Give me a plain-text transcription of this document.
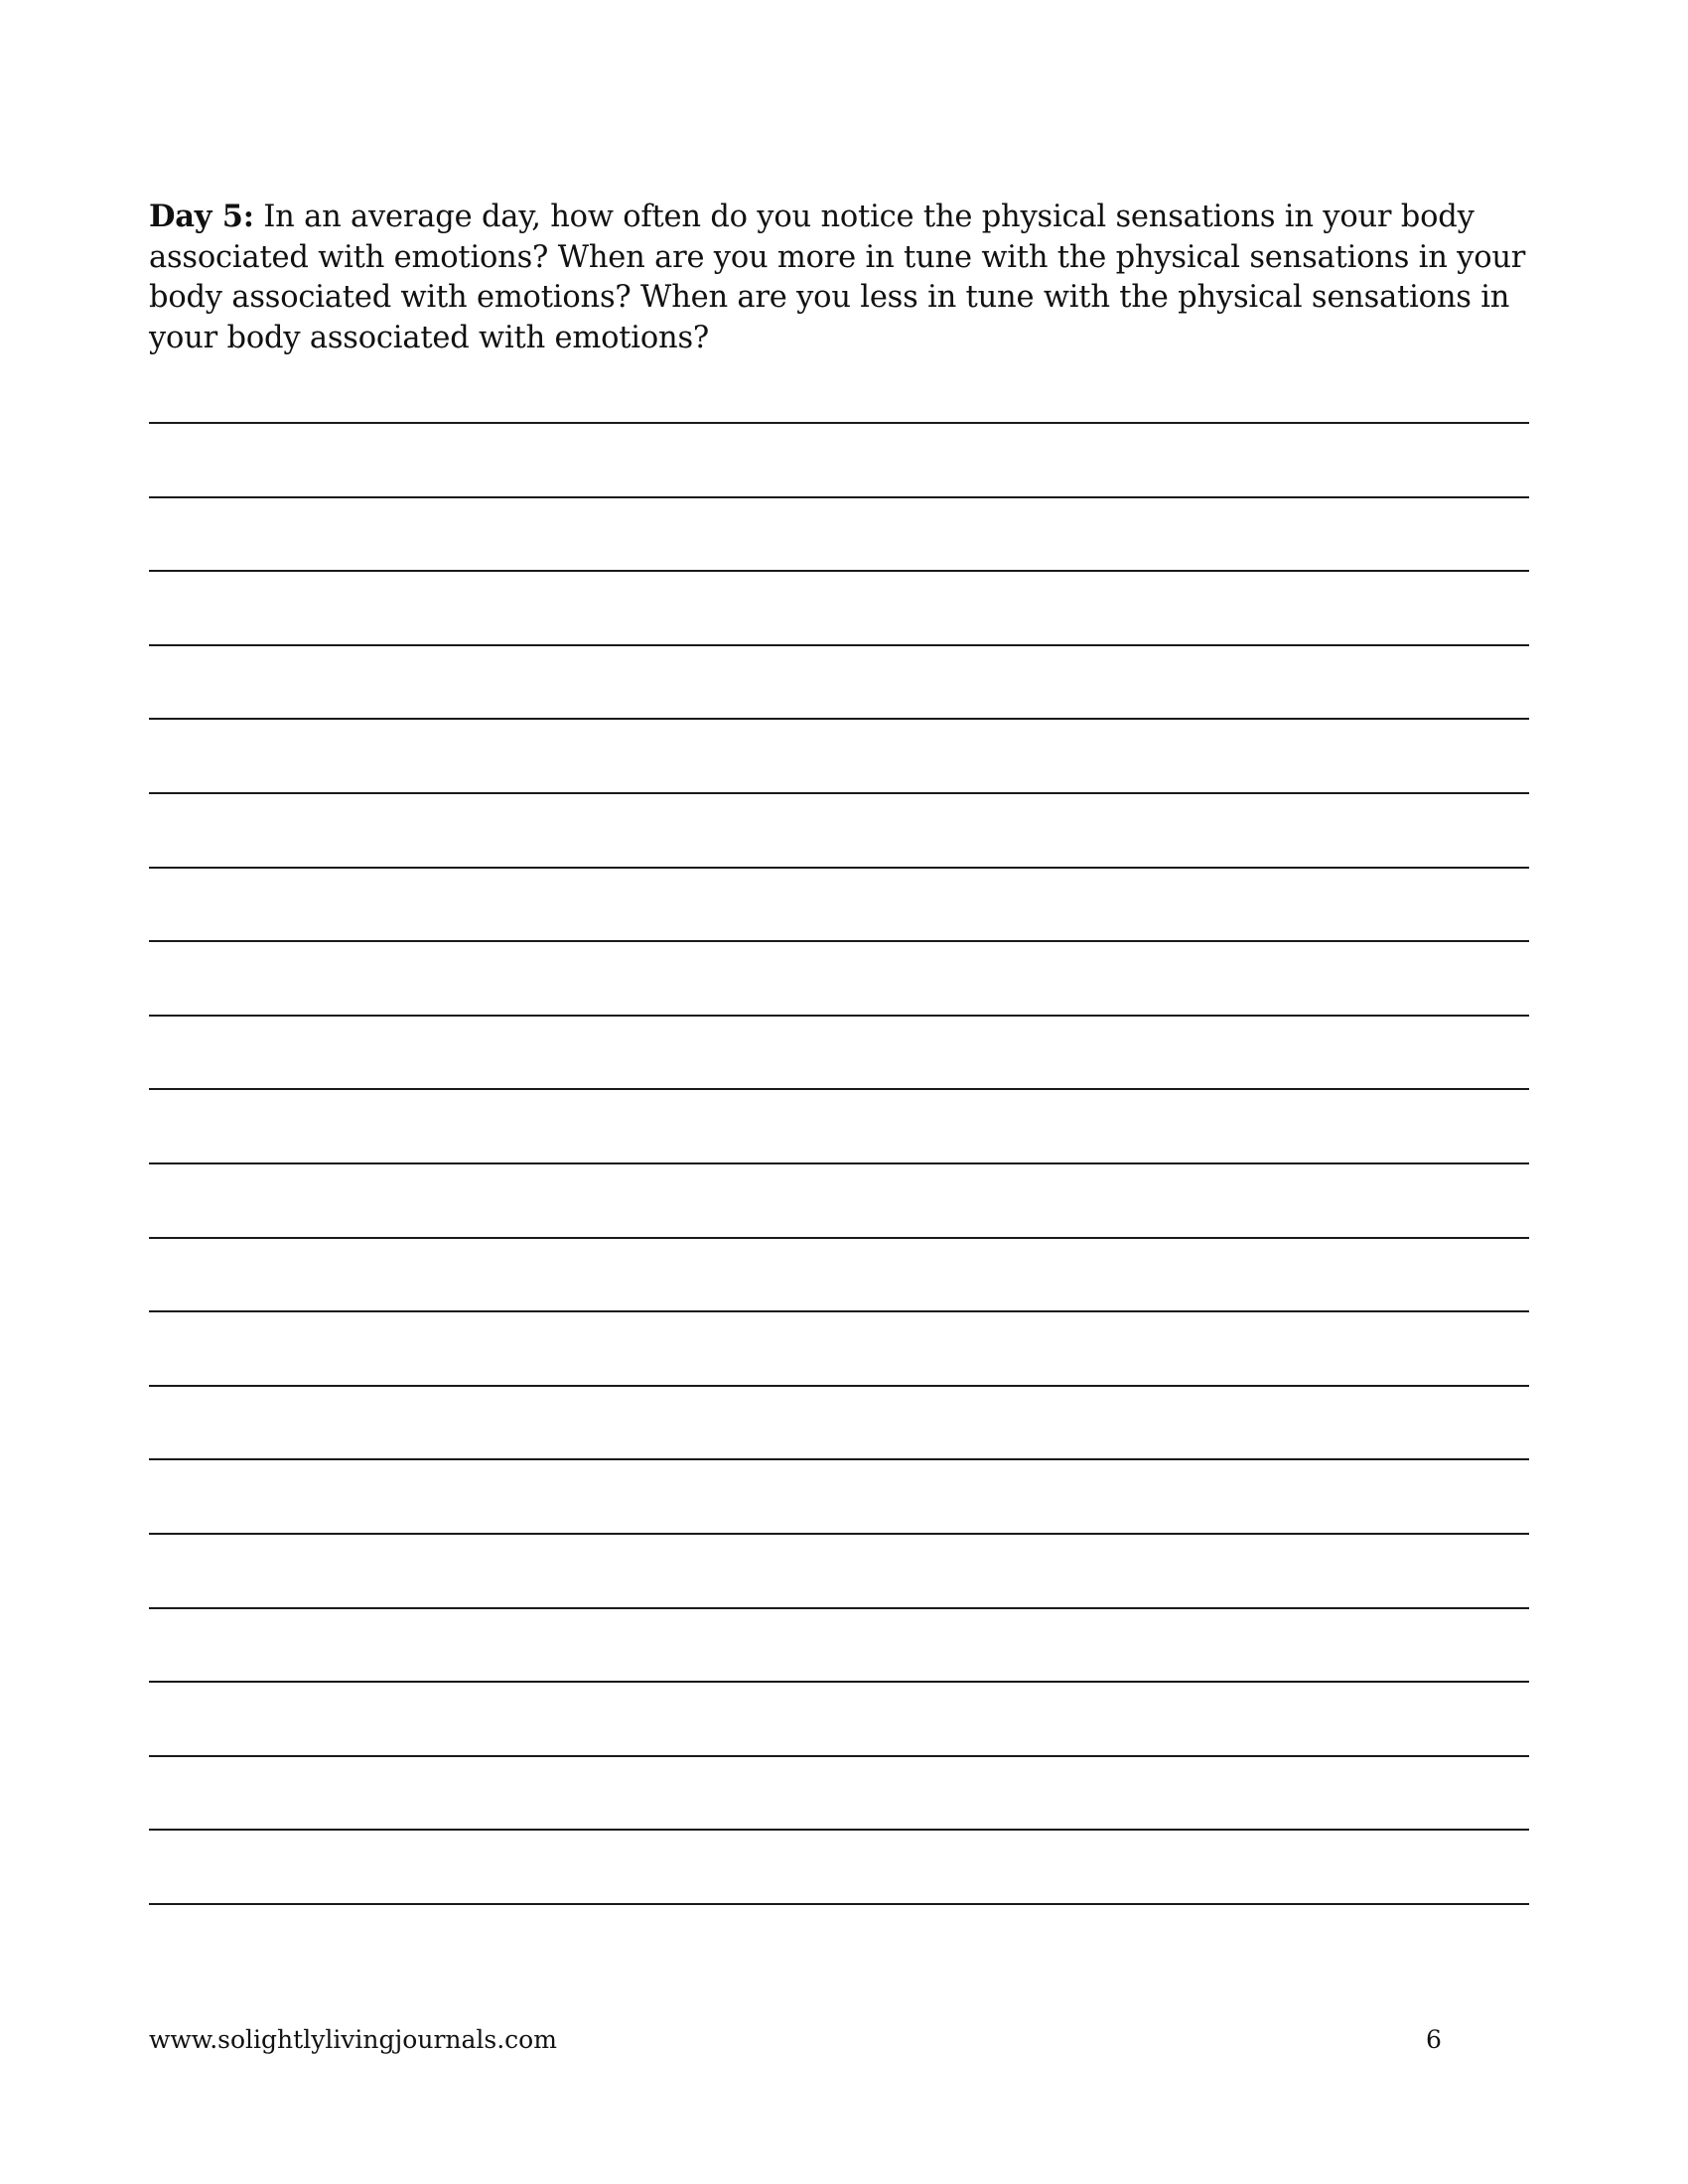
Day 5: In an average day, how often do you notice the physical sensations in your body associated with emotions? When are you more in tune with the physical sensations in your body associated with emotions? When are you less in tune with the physical sensations in your body associated with emotions?
www.solightlylivingjournals.com	6
